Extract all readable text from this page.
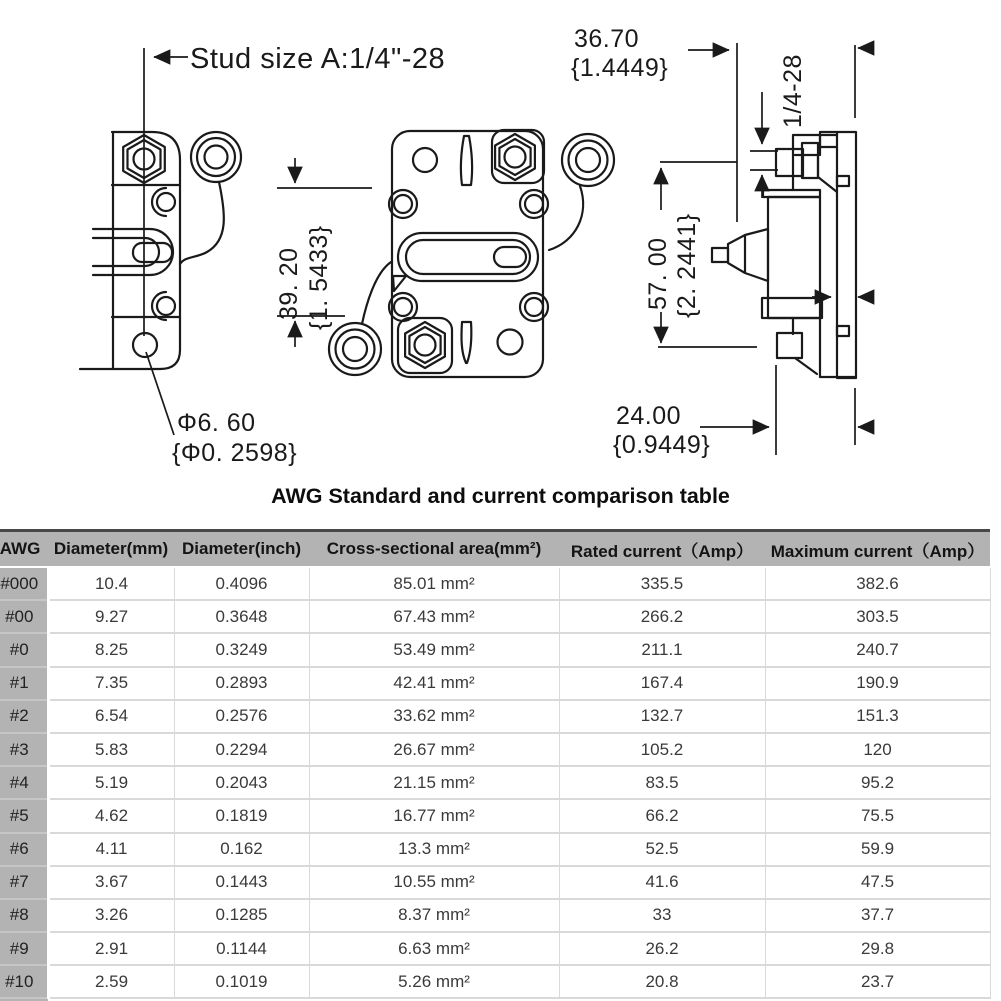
Stud size A:1/4"-28
36.70
{1.4449}	1/4-28
39. 20 {1. 5433}	57. 00 {2. 2441}
24.00
{0.9449}
Φ6. 60
{Φ0. 2598}
AWG Standard and current comparison table
AWG	Diameter(mm)	Diameter(inch)	Cross-sectional area(mm²)	Rated current（Amp）	Maximum current（Amp）
#000	10.4	0.4096	85.01 mm²	335.5	382.6
#00	9.27	0.3648	67.43 mm²	266.2	303.5
#0	8.25	0.3249	53.49 mm²	211.1	240.7
#1	7.35	0.2893	42.41 mm²	167.4	190.9
#2	6.54	0.2576	33.62 mm²	132.7	151.3
#3	5.83	0.2294	26.67 mm²	105.2	120
#4	5.19	0.2043	21.15 mm²	83.5	95.2
#5	4.62	0.1819	16.77 mm²	66.2	75.5
#6	4.11	0.162	13.3 mm²	52.5	59.9
#7	3.67	0.1443	10.55 mm²	41.6	47.5
#8	3.26	0.1285	8.37 mm²	33	37.7
#9	2.91	0.1144	6.63 mm²	26.2	29.8
#10	2.59	0.1019	5.26 mm²	20.8	23.7
